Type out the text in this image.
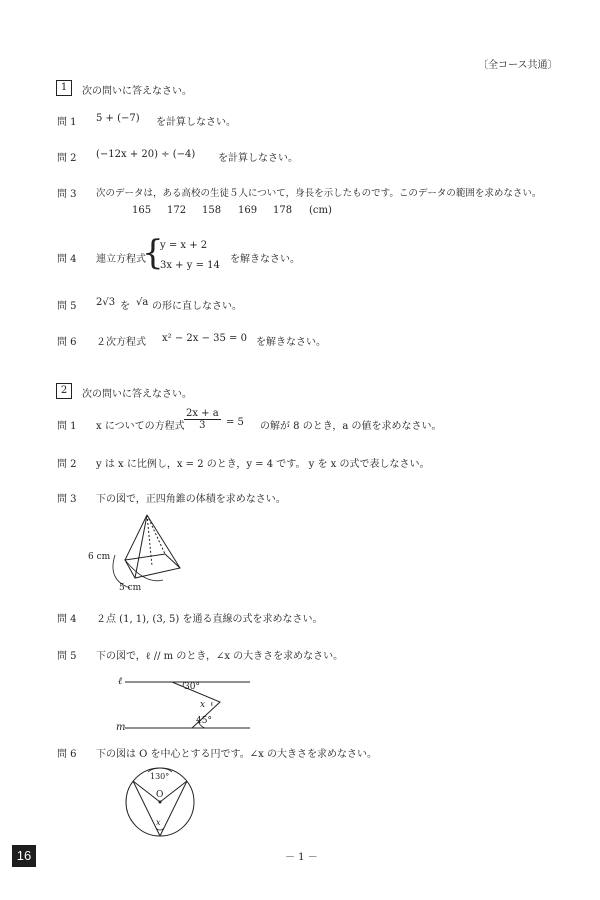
〔全コース共通〕
1	次の問いに答えなさい。
問 1 5 + (−7) を計算しなさい。
問 2 (−12x + 20) ÷ (−4) を計算しなさい。
問 3 次のデータは，ある高校の生徒５人について，身長を示したものです。このデータの範囲を求めなさい。
165 172 158 169 178 (cm)
問 4 連立方程式
{
y = x + 2
3x + y = 14
を解きなさい。
問 5 2√3 を √a の形に直しなさい。
問 6 ２次方程式 x² − 2x − 35 = 0 を解きなさい。
2	次の問いに答えなさい。
問 1 x についての方程式 $\frac{2x + a}{3} = 5$ の解が 8 のとき，a の値を求めなさい。
問 2 y は x に比例し，x = 2 のとき，y = 4 です。 y を x の式で表しなさい。
問 3 下の図で，正四角錐の体積を求めなさい。
6 cm
5 cm
問 4 ２点 (1, 1), (3, 5) を通る直線の式を求めなさい。
問 5 下の図で，ℓ // m のとき，∠x の大きさを求めなさい。
ℓ
m
30°
x
45°
問 6 下の図は O を中心とする円です。∠x の大きさを求めなさい。
130°
O
x
－ 1 －
16
